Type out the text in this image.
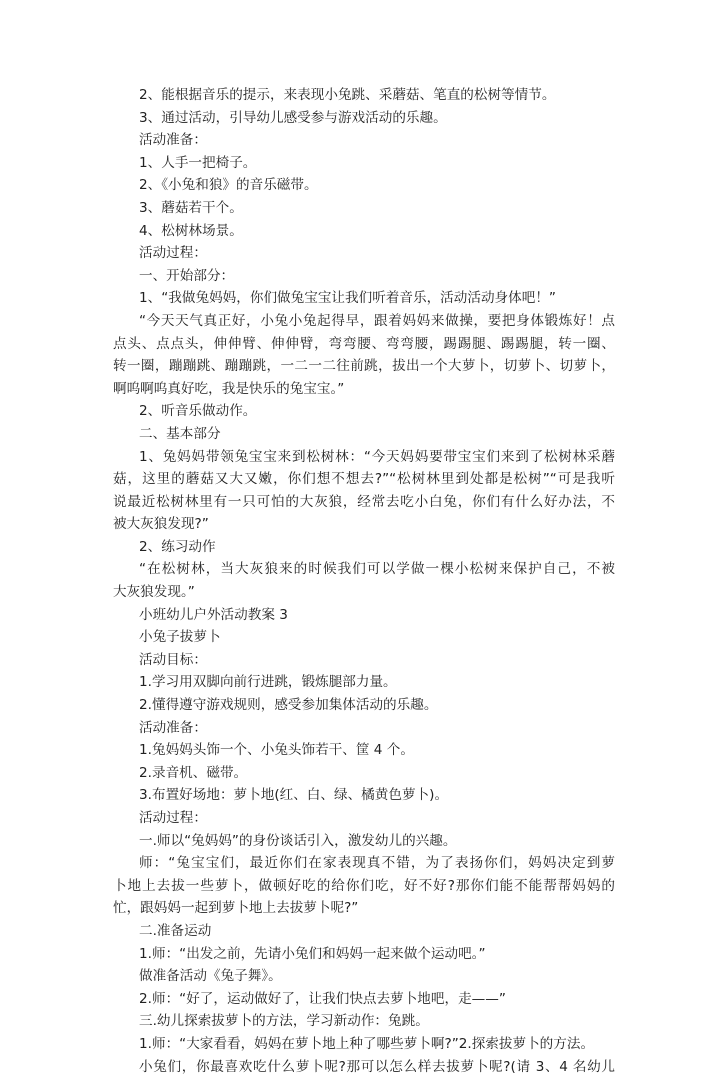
2、能根据音乐的提示，来表现小兔跳、采蘑菇、笔直的松树等情节。
3、通过活动，引导幼儿感受参与游戏活动的乐趣。
活动准备：
1、人手一把椅子。
2、《小兔和狼》的音乐磁带。
3、蘑菇若干个。
4、松树林场景。
活动过程：
一、开始部分：
1、“我做兔妈妈，你们做兔宝宝让我们听着音乐，活动活动身体吧！”
“今天天气真正好，小兔小兔起得早，跟着妈妈来做操，要把身体锻炼好！点
点头、点点头，伸伸臂、伸伸臂，弯弯腰、弯弯腰，踢踢腿、踢踢腿，转一圈、
转一圈，蹦蹦跳、蹦蹦跳，一二一二往前跳，拔出一个大萝卜，切萝卜、切萝卜，
啊呜啊呜真好吃，我是快乐的兔宝宝。”
2、听音乐做动作。
二、基本部分
1、兔妈妈带领兔宝宝来到松树林：“今天妈妈要带宝宝们来到了松树林采蘑
菇，这里的蘑菇又大又嫩，你们想不想去?”“松树林里到处都是松树”“可是我听
说最近松树林里有一只可怕的大灰狼，经常去吃小白兔，你们有什么好办法，不
被大灰狼发现?”
2、练习动作
“在松树林，当大灰狼来的时候我们可以学做一棵小松树来保护自己，不被
大灰狼发现。”
小班幼儿户外活动教案 3
小兔子拔萝卜
活动目标：
1.学习用双脚向前行进跳，锻炼腿部力量。
2.懂得遵守游戏规则，感受参加集体活动的乐趣。
活动准备：
1.兔妈妈头饰一个、小兔头饰若干、筐 4 个。
2.录音机、磁带。
3.布置好场地：萝卜地(红、白、绿、橘黄色萝卜)。
活动过程：
一.师以“兔妈妈”的身份谈话引入，激发幼儿的兴趣。
师：“兔宝宝们，最近你们在家表现真不错，为了表扬你们，妈妈决定到萝
卜地上去拔一些萝卜，做顿好吃的给你们吃，好不好?那你们能不能帮帮妈妈的
忙，跟妈妈一起到萝卜地上去拔萝卜呢?”
二.准备运动
1.师：“出发之前，先请小兔们和妈妈一起来做个运动吧。”
做准备活动《兔子舞》。
2.师：“好了，运动做好了，让我们快点去萝卜地吧，走——”
三.幼儿探索拔萝卜的方法，学习新动作：兔跳。
1.师：“大家看看，妈妈在萝卜地上种了哪些萝卜啊?”2.探索拔萝卜的方法。
小兔们，你最喜欢吃什么萝卜呢?那可以怎么样去拔萝卜呢?(请 3、4 名幼儿
